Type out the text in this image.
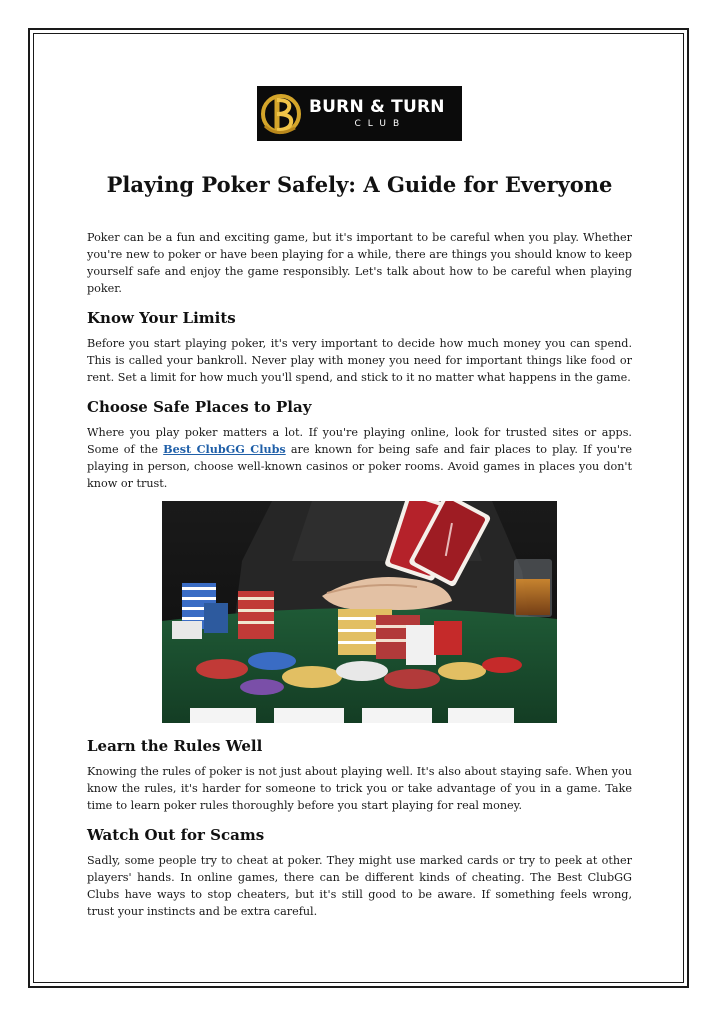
BURN & TURN
CLUB
Playing Poker Safely: A Guide for Everyone

Poker can be a fun and exciting game, but it's important to be careful when you play. Whether you're new to poker or have been playing for a while, there are things you should know to keep yourself safe and enjoy the game responsibly. Let's talk about how to be careful when playing poker.

Know Your Limits

Before you start playing poker, it's very important to decide how much money you can spend. This is called your bankroll. Never play with money you need for important things like food or rent. Set a limit for how much you'll spend, and stick to it no matter what happens in the game.

Choose Safe Places to Play

Where you play poker matters a lot. If you're playing online, look for trusted sites or apps. Some of the Best ClubGG Clubs are known for being safe and fair places to play. If you're playing in person, choose well-known casinos or poker rooms. Avoid games in places you don't know or trust.

Learn the Rules Well

Knowing the rules of poker is not just about playing well. It's also about staying safe. When you know the rules, it's harder for someone to trick you or take advantage of you in a game. Take time to learn poker rules thoroughly before you start playing for real money.

Watch Out for Scams

Sadly, some people try to cheat at poker. They might use marked cards or try to peek at other players' hands. In online games, there can be different kinds of cheating. The Best ClubGG Clubs have ways to stop cheaters, but it's still good to be aware. If something feels wrong, trust your instincts and be extra careful.
